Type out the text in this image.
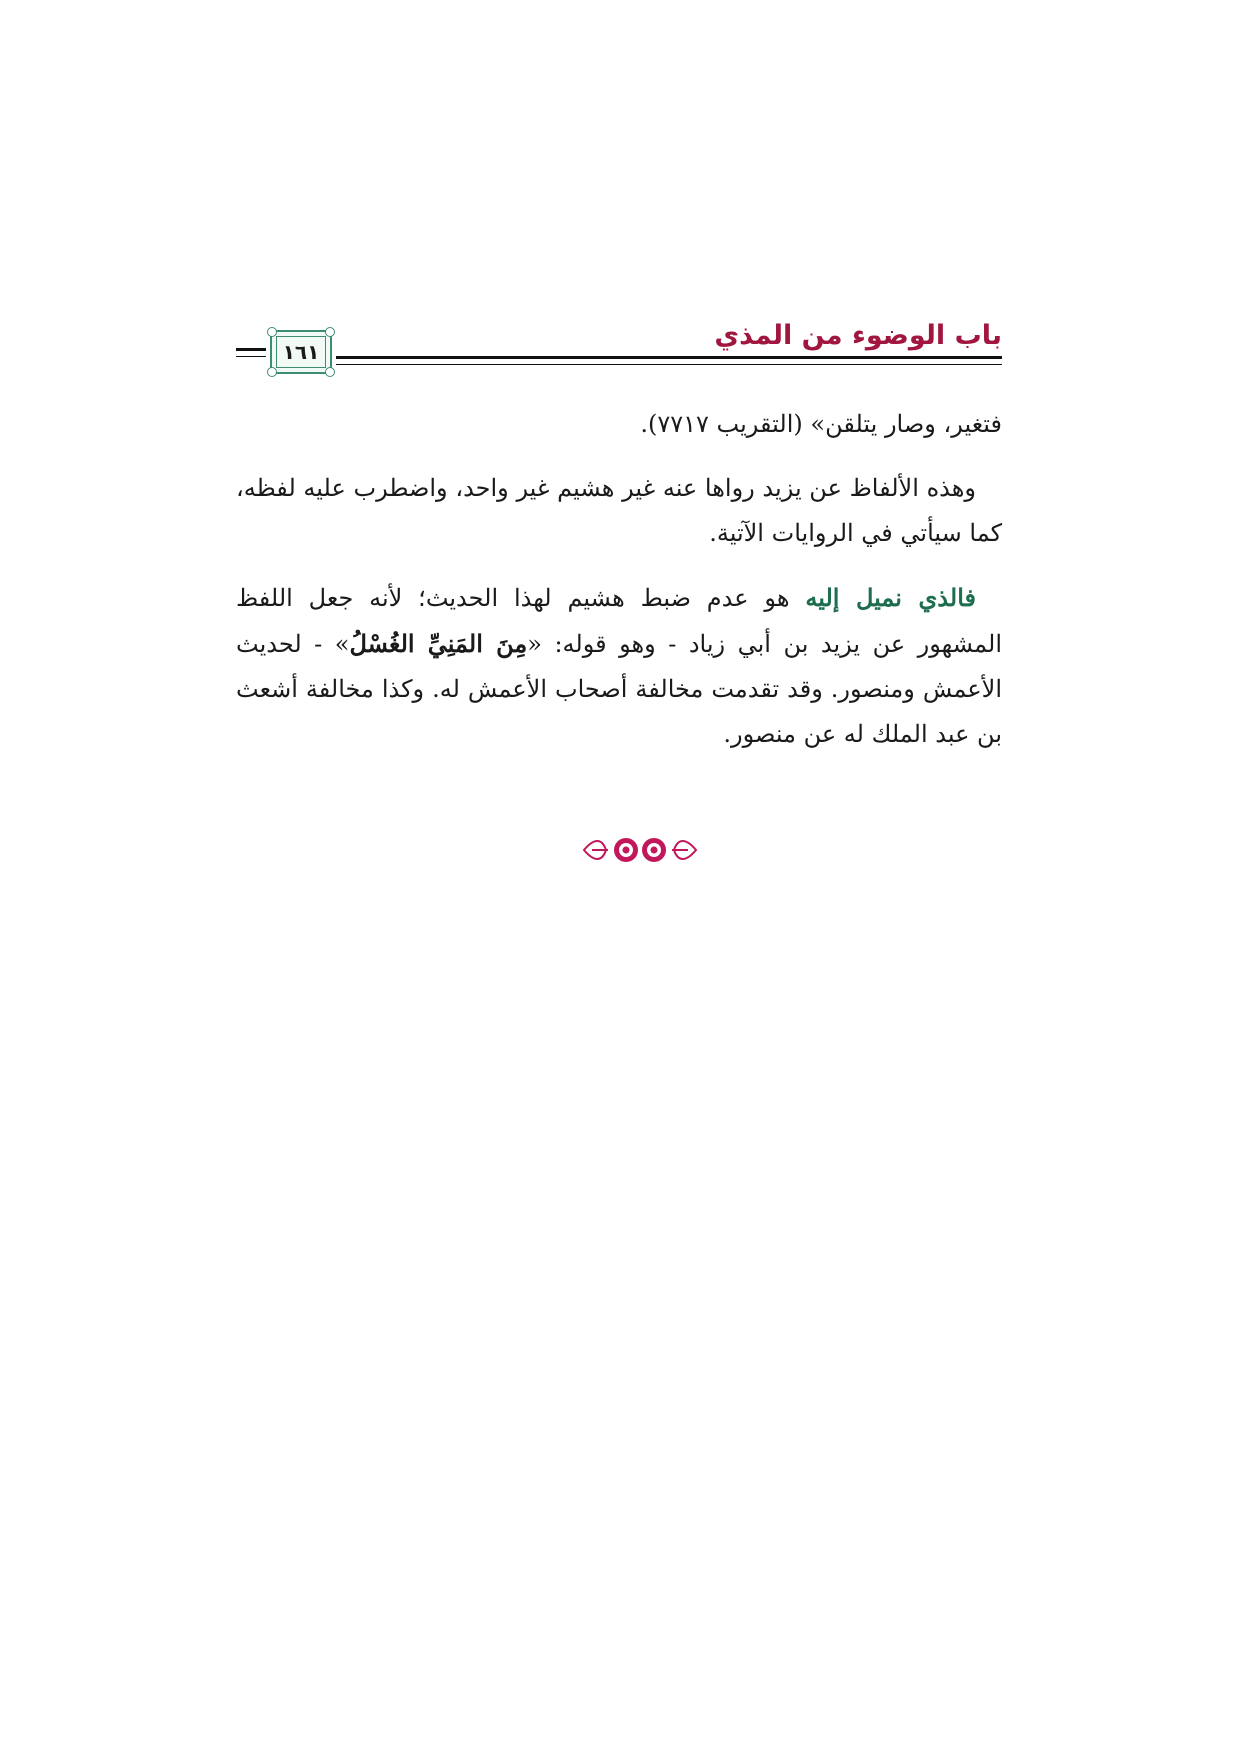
باب الوضوء من المذي
١٦١

فتغير، وصار يتلقن» (التقريب ٧٧١٧).

وهذه الألفاظ عن يزيد رواها عنه غير هشيم غير واحد، واضطرب عليه لفظه، كما سيأتي في الروايات الآتية.

فالذي نميل إليه هو عدم ضبط هشيم لهذا الحديث؛ لأنه جعل اللفظ المشهور عن يزيد بن أبي زياد - وهو قوله: «مِنَ المَنِيِّ الغُسْلُ» - لحديث الأعمش ومنصور. وقد تقدمت مخالفة أصحاب الأعمش له. وكذا مخالفة أشعث بن عبد الملك له عن منصور.
